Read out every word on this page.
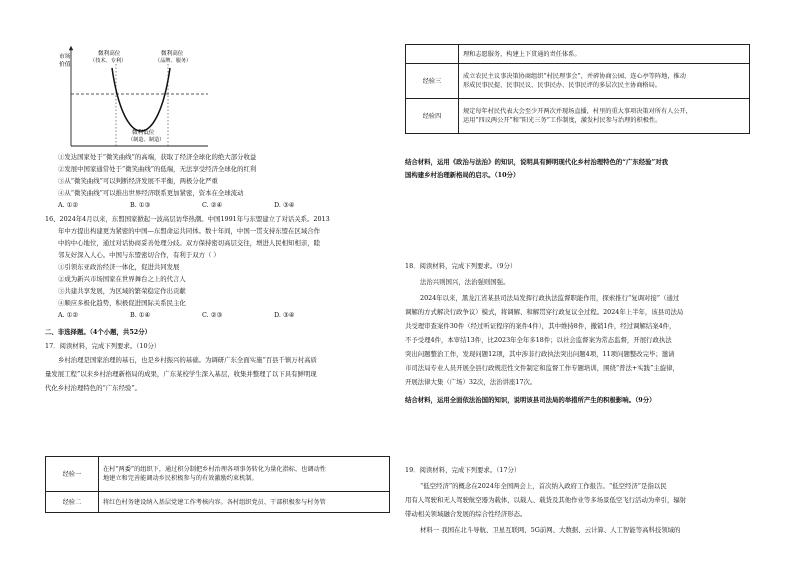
市场
价值
微利高位
（技术、专利）
微利高位
（品牌、服务）
微利低位
（制造、制造）
①发达国家处于“微笑曲线”的高端，获取了经济全球化的绝大部分收益
②发展中国家通常处于“微笑曲线”的低端，无法享受经济全球化的红利
③从“微笑曲线”可以判断经济发展不平衡，两极分化严重
④从“微笑曲线”可以推出世界经济联系更加紧密，资本在全球流动
A. ①②	B. ①③	C. ②④	D. ③④
16、2024年4月以来，东盟国家掀起一波高层访华热潮。中国1991年与东盟建立了对话关系。2013
年中方提出构建更为紧密的中国—东盟命运共同体。数十年间，中国一贯支持东盟在区域合作
中的中心地位，通过对话协商妥善处理分歧。双方保持密切高层交往，增进人民相知相亲，睦
邻友好深入人心。中国与东盟密切合作，有利于双方（ ）
①引领东亚政治经济一体化，促进共同发展
②成为新兴市场国家在世界舞台之上的代言人
③共建共享发展，为区域的繁荣稳定作出贡献
④顺应多极化趋势，积极促进国际关系民主化
A. ①②	B. ①④	C. ②③	D. ③④
二、非选择题。（4个小题，共52分）
17．阅读材料，完成下列要求。（10分）
乡村治理是国家治理的基石，也是乡村振兴的基础。为调研广东全面实施“百县千镇万村高质
量发展工程”以来乡村治理新格局的成果，广东某校学生深入基层，收集并整理了以下具有鲜明现
代化乡村治理特色的“广东经验”。
经验一	在村“两委”的组织下，通过积分制把乡村治理各项事务转化为量化指标，也调动性
地建立和完善能调动乡民积极参与的有效激励约束机制。

经验二	将红色村务建设纳入基层党建工作考核内容。各村组织党员、干部积极参与村务管

	理和志愿服务，构建上下贯通的责任体系。

经验三	成立农民主议事决策协商组织“村民理事会”，并碎协商公园、连心亭等阵地，推动
形成民事民提、民事民议、民事民办、民事民评的多层次民主协商格局。

经验四	规定每年村民代表大会至少开两次并现场直播，村里的重大事项决策对所有人公开，
运用“四议两公开”和“阳光三务”工作制度，激发村民参与治理的积极性。
结合材料，运用《政治与法治》的知识，说明具有鲜明现代化乡村治理特色的“广东经验”对我
国构建乡村治理新格局的启示。（10分）
18．阅读材料，完成下列要求。（9分）
法治兴则国兴，法治强则国强。
2024年以来，黑龙江省某县司法局发挥行政执法监督职能作用，探索推行“复调对接”（通过
调解的方式解决行政争议）模式，将调解、和解贯穿行政复议全过程。2024年上半年，该县司法局
共受理审查案件30件（经过听证程序的案件4件），其中维持8件，撤销1件，经过调解结案4件，
不予受理4件，本审结13件，比2023年全年多18件；以社会监督案为常态监督，开展行政执法
突出问题整治工作，发现问题12项，其中涉非行政执法突出问题4项，11项问题整改完毕；邀请
市司法局专业人员开展全县行政规范性文件制定和监督工作专题培训，围绕“普法+实践”主旋律，
开展法律大集（广场）32次，法治讲座17次。
结合材料，运用全面依法治国的知识，说明该县司法局的举措所产生的积极影响。（9分）
19．阅读材料，完成下列要求。（17分）
“低空经济”的概念在2024年全国两会上，首次纳入政府工作报告。“低空经济”是指以民
用有人驾驶和无人驾驶航空器为载体，以载人、载货及其他作业等多场景低空飞行活动为牵引，辐射
带动相关领域融合发展的综合性经济形态。
材料一 我国在北斗导航、卫星互联网、5G前网、大数据、云计算、人工智能等高科技领域的
